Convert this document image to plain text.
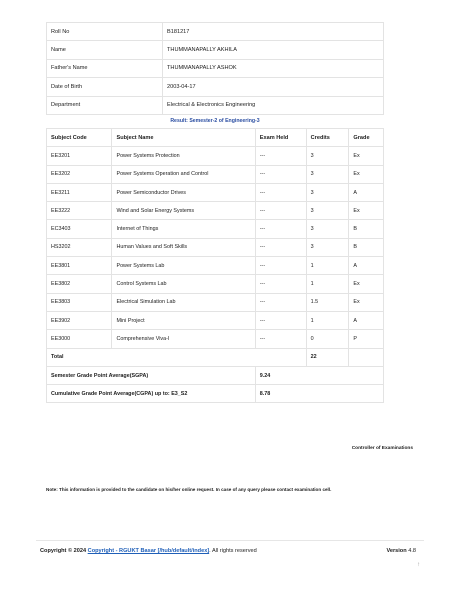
Roll No	B181217
Name	THUMMANAPALLY AKHILA
Father's Name	THUMMANAPALLY ASHOK
Date of Birth	2003-04-17
Department	Electrical & Electronics Engineering
Result: Semester-2 of Engineering-3
Subject Code	Subject Name	Exam Held	Credits	Grade
EE3201	Power Systems Protection	---	3	Ex
EE3202	Power Systems Operation and Control	---	3	Ex
EE3211	Power Semiconductor Drives	---	3	A
EE3222	Wind and Solar Energy Systems	---	3	Ex
EC3403	Internet of Things	---	3	B
HS3202	Human Values and Soft Skills	---	3	B
EE3801	Power Systems Lab	---	1	A
EE3802	Control Systems Lab	---	1	Ex
EE3803	Electrical Simulation Lab	---	1.5	Ex
EE3902	Mini Project	---	1	A
EE3000	Comprehensive Viva-I	---	0	P
Total			22	
Semester Grade Point Average(SGPA)		9.24		
Cumulative Grade Point Average(CGPA) up to: E3_S2		8.78		
Controller of Examinations
Note: This information is provided to the candidate on his/her online request. In case of any query please contact examination cell.
Copyright © 2024 Copyright - RGUKT Basar [/hub/default/index]. All rights reserved	Version 4.8
↑
